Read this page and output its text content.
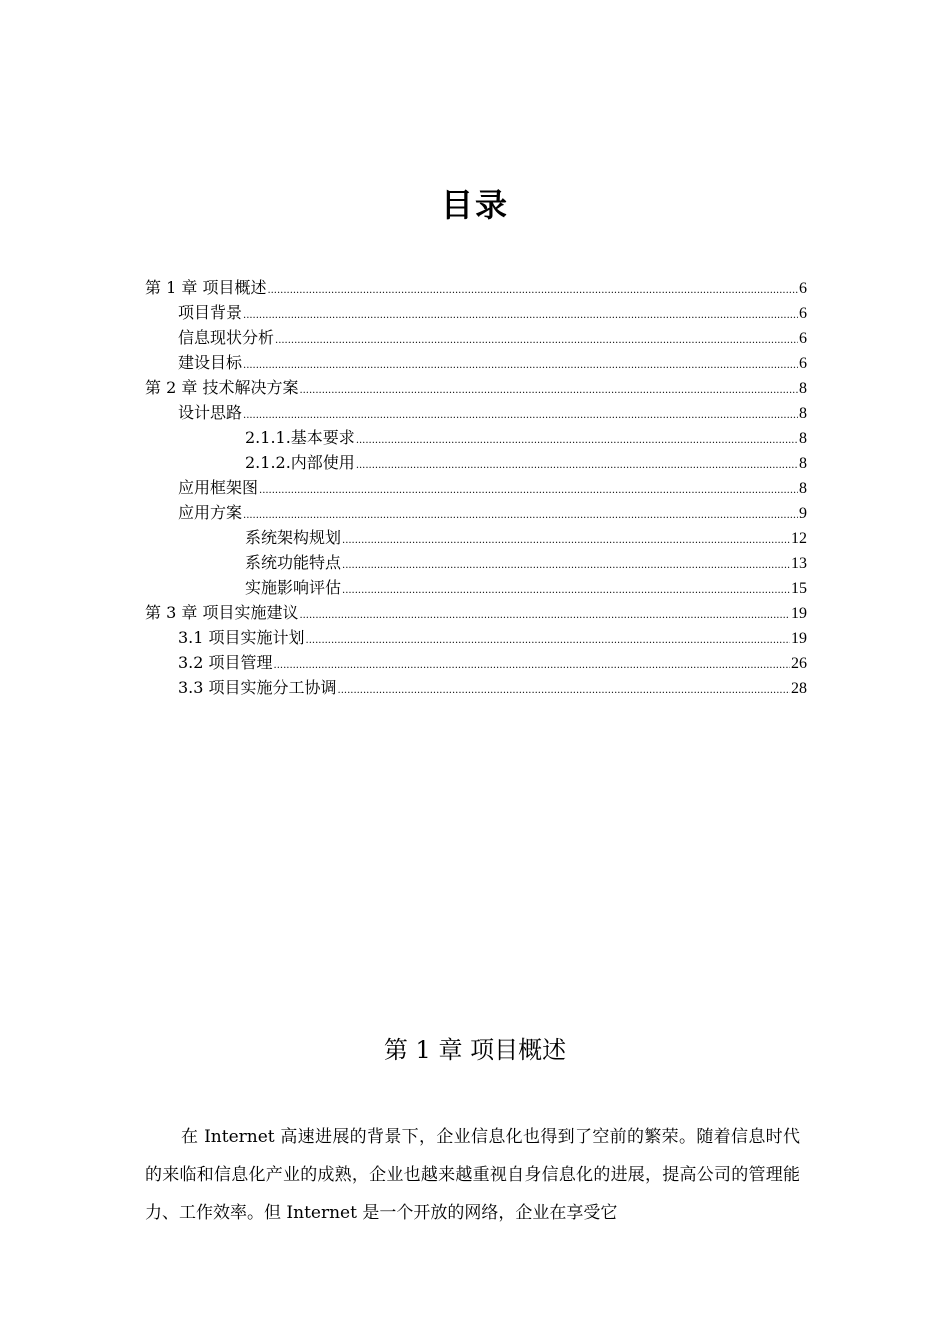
目录
第 1 章 项目概述 .....	6
项目背景 .....	6
信息现状分析 .....	6
建设目标 .....	6
第 2 章 技术解决方案 .....	8
设计思路 .....	8
2.1.1.基本要求 .....	8
2.1.2.内部使用 .....	8
应用框架图 .....	8
应用方案 .....	9
系统架构规划 .....	12
系统功能特点 .....	13
实施影响评估 .....	15
第 3 章 项目实施建议 .....	19
3.1 项目实施计划 .....	19
3.2 项目管理 .....	26
3.3 项目实施分工协调 .....	28
第 1 章 项目概述

在 Internet 高速进展的背景下，企业信息化也得到了空前的繁荣。随着信息时代的来临和信息化产业的成熟，企业也越来越重视自身信息化的进展，提高公司的管理能力、工作效率。但 Internet 是一个开放的网络，企业在享受它
